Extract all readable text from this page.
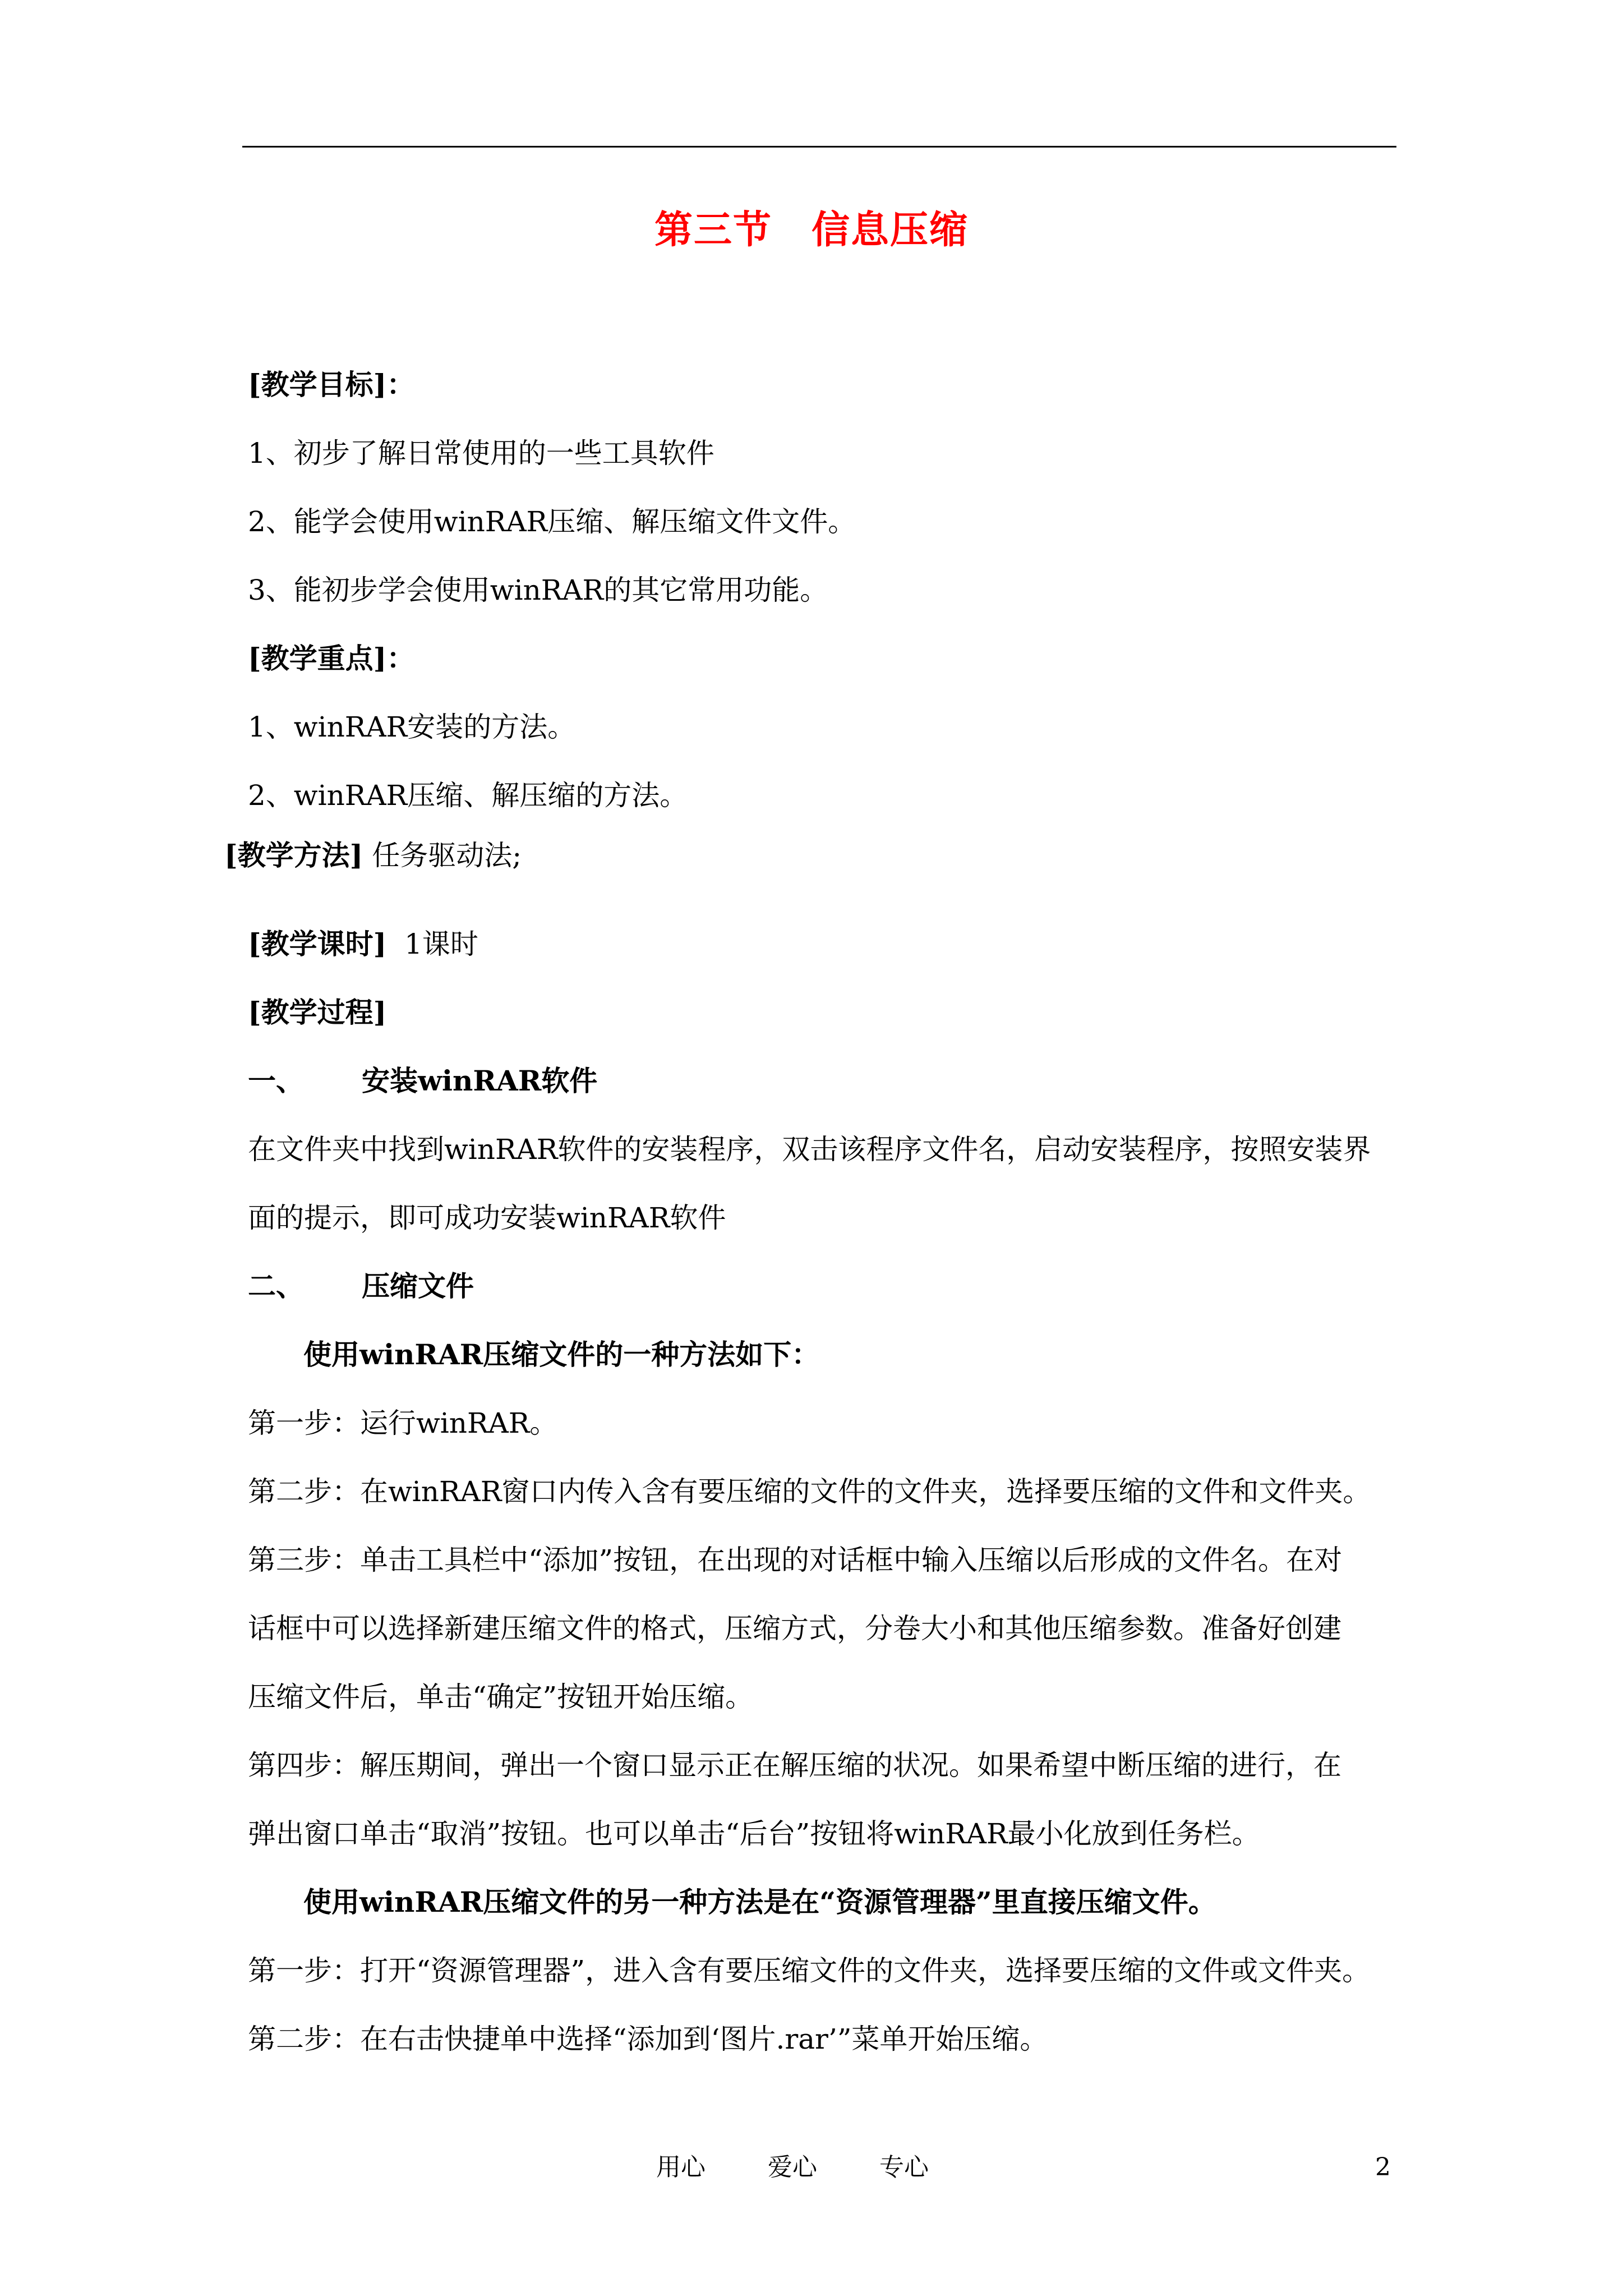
第三节　信息压缩
[教学目标]：
1、初步了解日常使用的一些工具软件
2、能学会使用winRAR压缩、解压缩文件文件。
3、能初步学会使用winRAR的其它常用功能。
[教学重点]：
1、winRAR安装的方法。
2、winRAR压缩、解压缩的方法。
[教学方法] 任务驱动法;
[教学课时]  1课时
[教学过程]
一、 安装winRAR软件
在文件夹中找到winRAR软件的安装程序，双击该程序文件名，启动安装程序，按照安装界
面的提示，即可成功安装winRAR软件
二、 压缩文件
使用winRAR压缩文件的一种方法如下：
第一步：运行winRAR。
第二步：在winRAR窗口内传入含有要压缩的文件的文件夹，选择要压缩的文件和文件夹。
第三步：单击工具栏中“添加”按钮，在出现的对话框中输入压缩以后形成的文件名。在对
话框中可以选择新建压缩文件的格式，压缩方式，分卷大小和其他压缩参数。准备好创建
压缩文件后，单击“确定”按钮开始压缩。
第四步：解压期间，弹出一个窗口显示正在解压缩的状况。如果希望中断压缩的进行，在
弹出窗口单击“取消”按钮。也可以单击“后台”按钮将winRAR最小化放到任务栏。
使用winRAR压缩文件的另一种方法是在“资源管理器”里直接压缩文件。
第一步：打开“资源管理器”，进入含有要压缩文件的文件夹，选择要压缩的文件或文件夹。
第二步：在右击快捷单中选择“添加到‘图片.rar’”菜单开始压缩。
用心	爱心	专心	2
